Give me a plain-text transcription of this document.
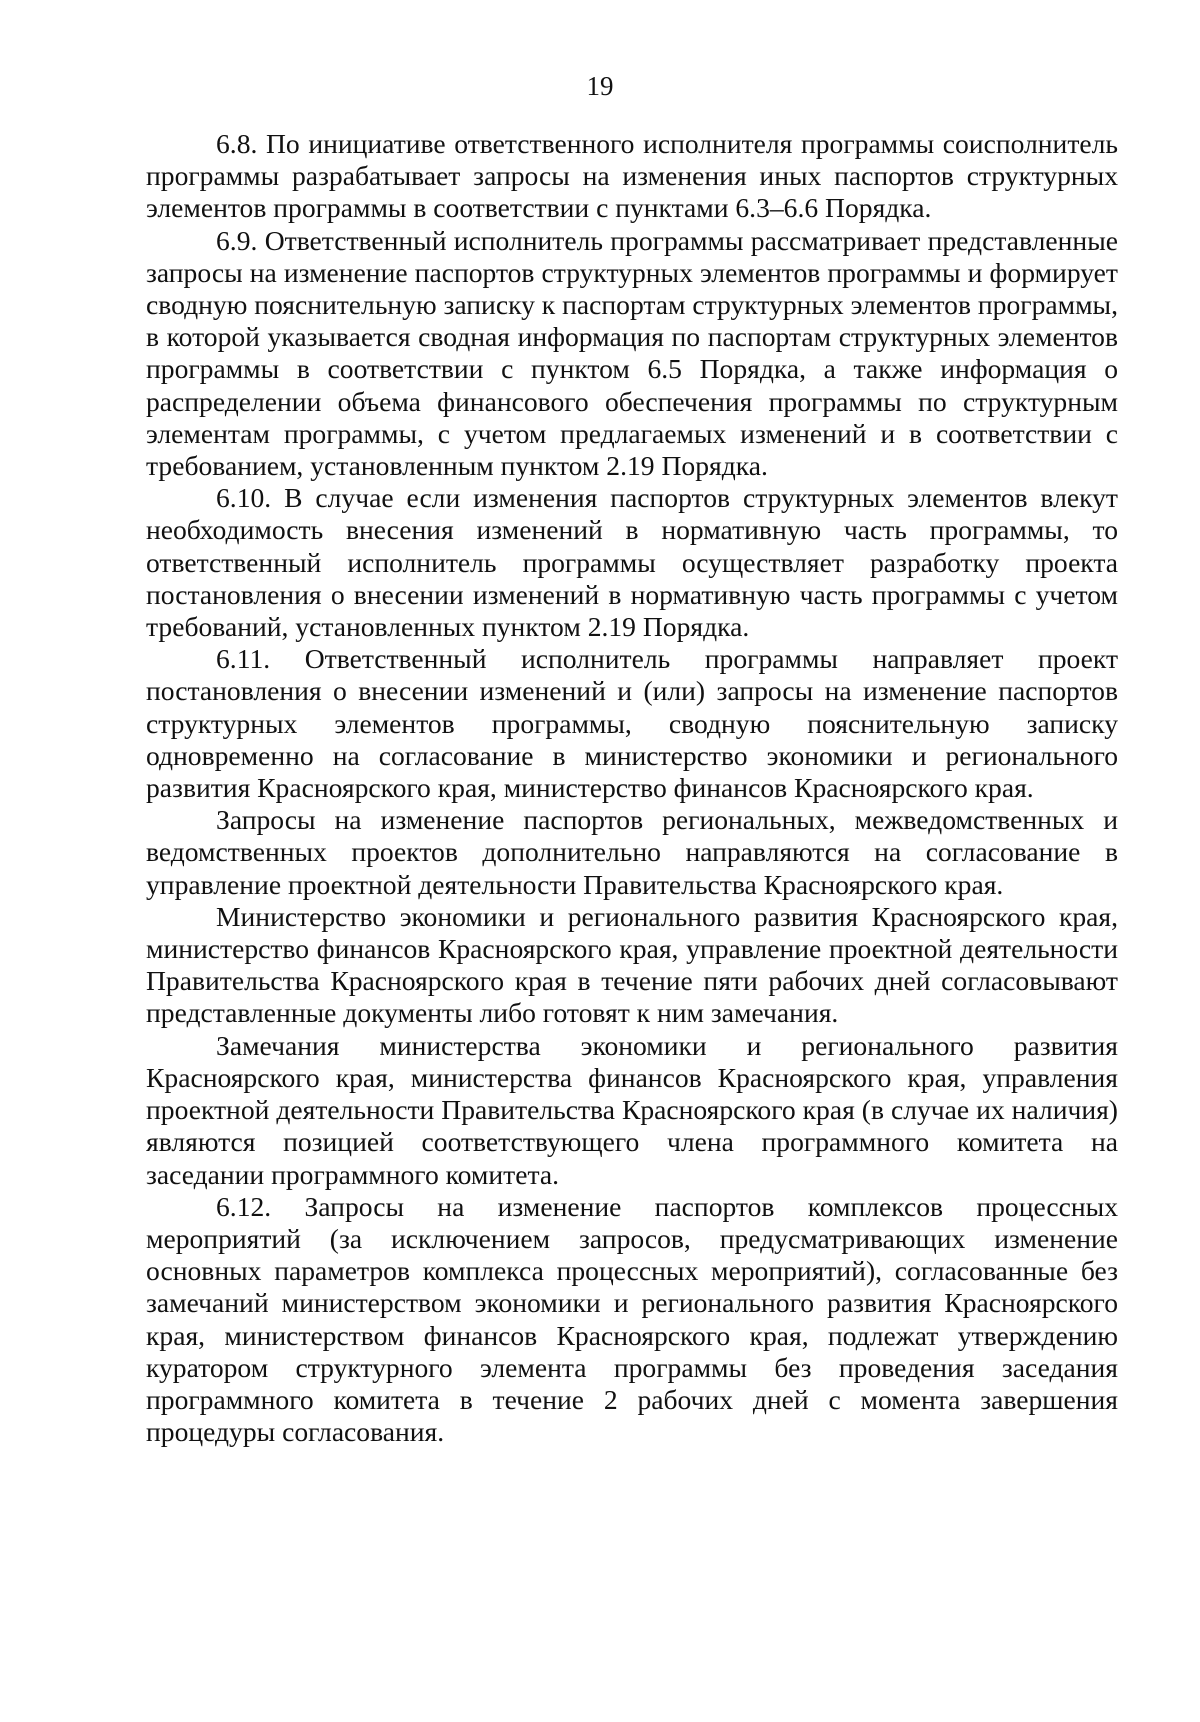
19

6.8. По инициативе ответственного исполнителя программы соисполнитель программы разрабатывает запросы на изменения иных паспортов структурных элементов программы в соответствии с пунктами 6.3–6.6 Порядка.

6.9. Ответственный исполнитель программы рассматривает представленные запросы на изменение паспортов структурных элементов программы и формирует сводную пояснительную записку к паспортам структурных элементов программы, в которой указывается сводная информация по паспортам структурных элементов программы в соответствии с пунктом 6.5 Порядка, а также информация о распределении объема финансового обеспечения программы по структурным элементам программы, с учетом предлагаемых изменений и в соответствии с требованием, установленным пунктом 2.19 Порядка.

6.10. В случае если изменения паспортов структурных элементов влекут необходимость внесения изменений в нормативную часть программы, то ответственный исполнитель программы осуществляет разработку проекта постановления о внесении изменений в нормативную часть программы с учетом требований, установленных пунктом 2.19 Порядка.

6.11. Ответственный исполнитель программы направляет проект постановления о внесении изменений и (или) запросы на изменение паспортов структурных элементов программы, сводную пояснительную записку одновременно на согласование в министерство экономики и регионального развития Красноярского края, министерство финансов Красноярского края.

Запросы на изменение паспортов региональных, межведомственных и ведомственных проектов дополнительно направляются на согласование в управление проектной деятельности Правительства Красноярского края.

Министерство экономики и регионального развития Красноярского края, министерство финансов Красноярского края, управление проектной деятельности Правительства Красноярского края в течение пяти рабочих дней согласовывают представленные документы либо готовят к ним замечания.

Замечания министерства экономики и регионального развития Красноярского края, министерства финансов Красноярского края, управления проектной деятельности Правительства Красноярского края (в случае их наличия) являются позицией соответствующего члена программного комитета на заседании программного комитета.

6.12. Запросы на изменение паспортов комплексов процессных мероприятий (за исключением запросов, предусматривающих изменение основных параметров комплекса процессных мероприятий), согласованные без замечаний министерством экономики и регионального развития Красноярского края, министерством финансов Красноярского края, подлежат утверждению куратором структурного элемента программы без проведения заседания программного комитета в течение 2 рабочих дней с момента завершения процедуры согласования.
